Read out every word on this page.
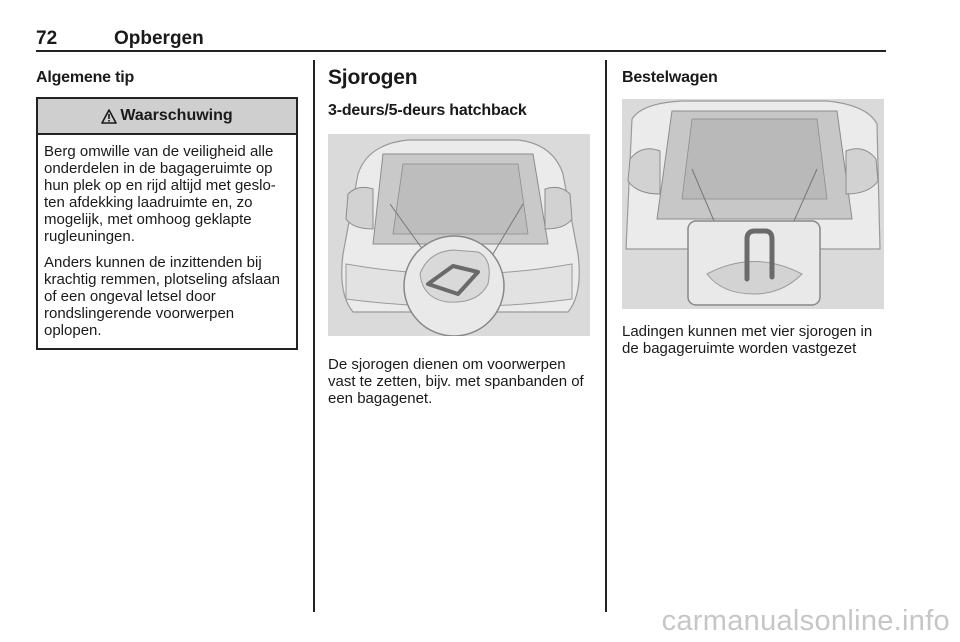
72	Opbergen
Algemene tip
Waarschuwing

Berg omwille van de veiligheid alle onderdelen in de bagageruimte op hun plek op en rijd altijd met geslo- ten afdekking laadruimte en, zo mogelijk, met omhoog geklapte rugleuningen.

Anders kunnen de inzittenden bij krachtig remmen, plotseling afslaan of een ongeval letsel door rondslingerende voorwerpen oplopen.

Sjorogen
3-deurs/5-deurs hatchback

De sjorogen dienen om voorwerpen vast te zetten, bijv. met spanbanden of een bagagenet.

Bestelwagen

Ladingen kunnen met vier sjorogen in de bagageruimte worden vastgezet

carmanualsonline.info
